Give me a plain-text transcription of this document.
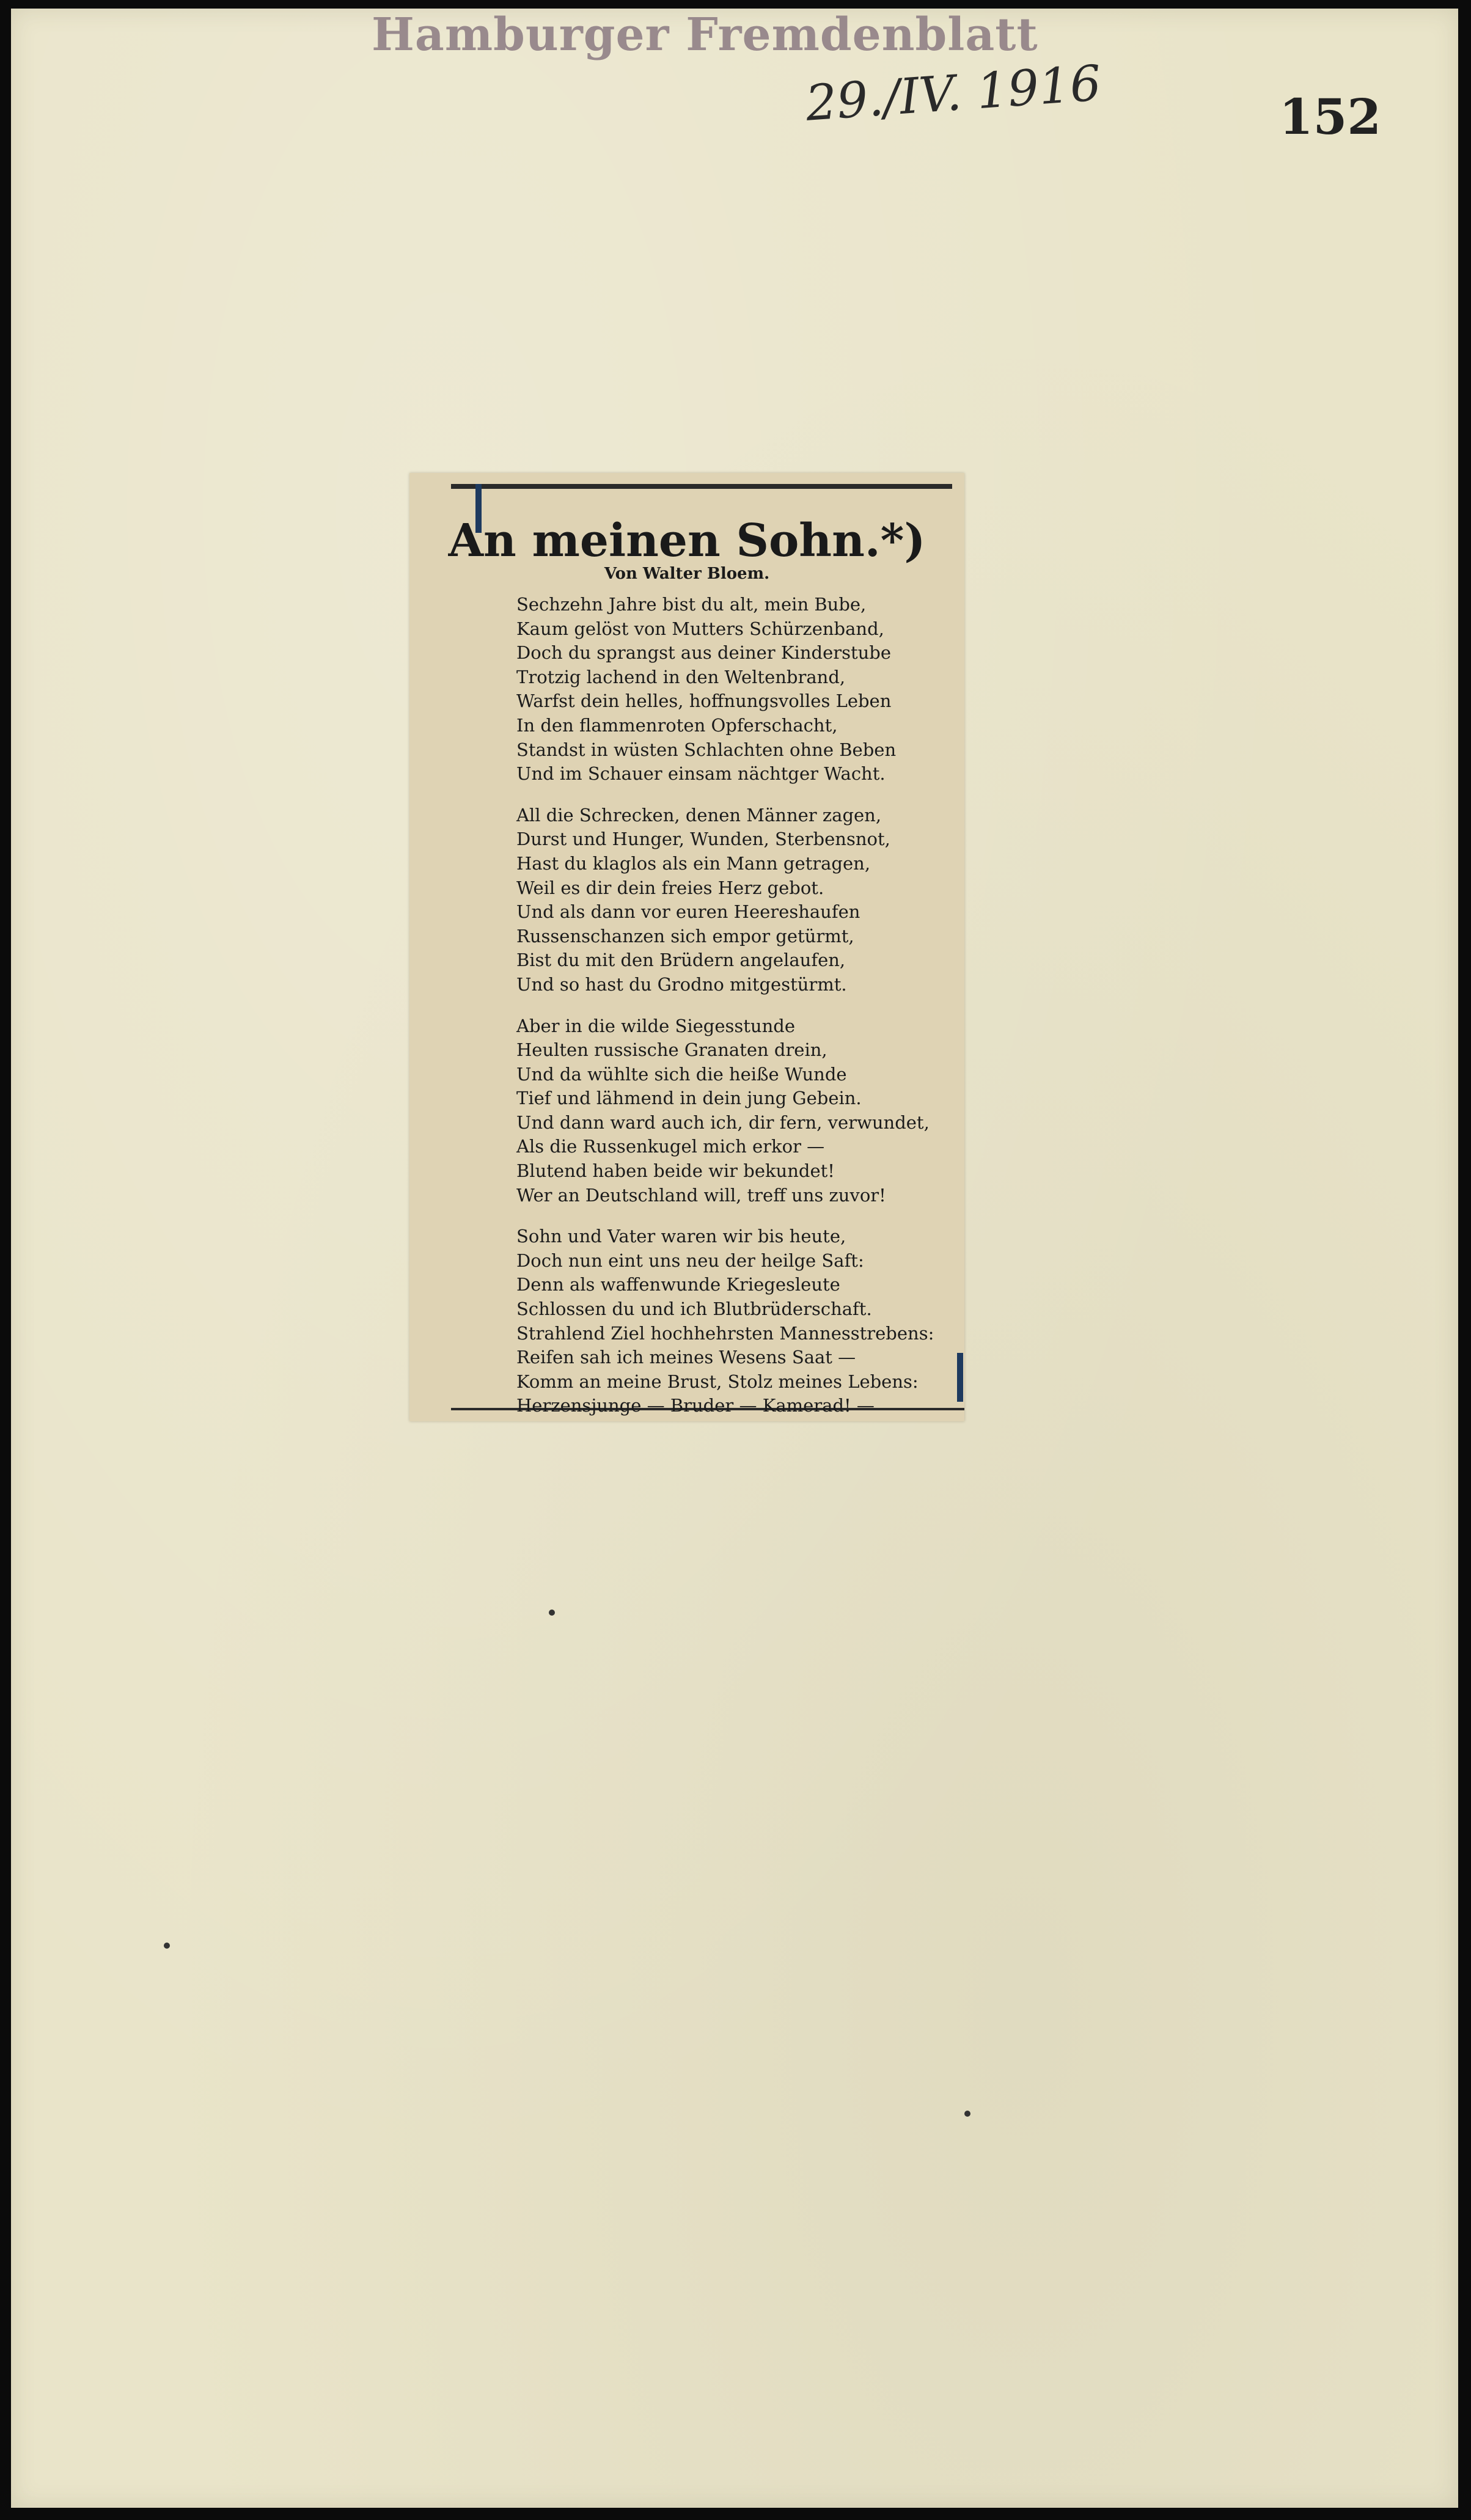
Hamburger Fremdenblatt
29./IV. 1916	152
An meinen Sohn.*)
Von Walter Bloem.
Sechzehn Jahre bist du alt, mein Bube,
Kaum gelöst von Mutters Schürzenband,
Doch du sprangst aus deiner Kinderstube
Trotzig lachend in den Weltenbrand,
Warfst dein helles, hoffnungsvolles Leben
In den flammenroten Opferschacht,
Standst in wüsten Schlachten ohne Beben
Und im Schauer einsam nächtger Wacht.
All die Schrecken, denen Männer zagen,
Durst und Hunger, Wunden, Sterbensnot,
Hast du klaglos als ein Mann getragen,
Weil es dir dein freies Herz gebot.
Und als dann vor euren Heereshaufen
Russenschanzen sich empor getürmt,
Bist du mit den Brüdern angelaufen,
Und so hast du Grodno mitgestürmt.
Aber in die wilde Siegesstunde
Heulten russische Granaten drein,
Und da wühlte sich die heiße Wunde
Tief und lähmend in dein jung Gebein.
Und dann ward auch ich, dir fern, verwundet,
Als die Russenkugel mich erkor —
Blutend haben beide wir bekundet!
Wer an Deutschland will, treff uns zuvor!
Sohn und Vater waren wir bis heute,
Doch nun eint uns neu der heilge Saft:
Denn als waffenwunde Kriegesleute
Schlossen du und ich Blutbrüderschaft.
Strahlend Ziel hochhehrsten Mannesstrebens:
Reifen sah ich meines Wesens Saat —
Komm an meine Brust, Stolz meines Lebens:
Herzensjunge — Bruder — Kamerad! —
